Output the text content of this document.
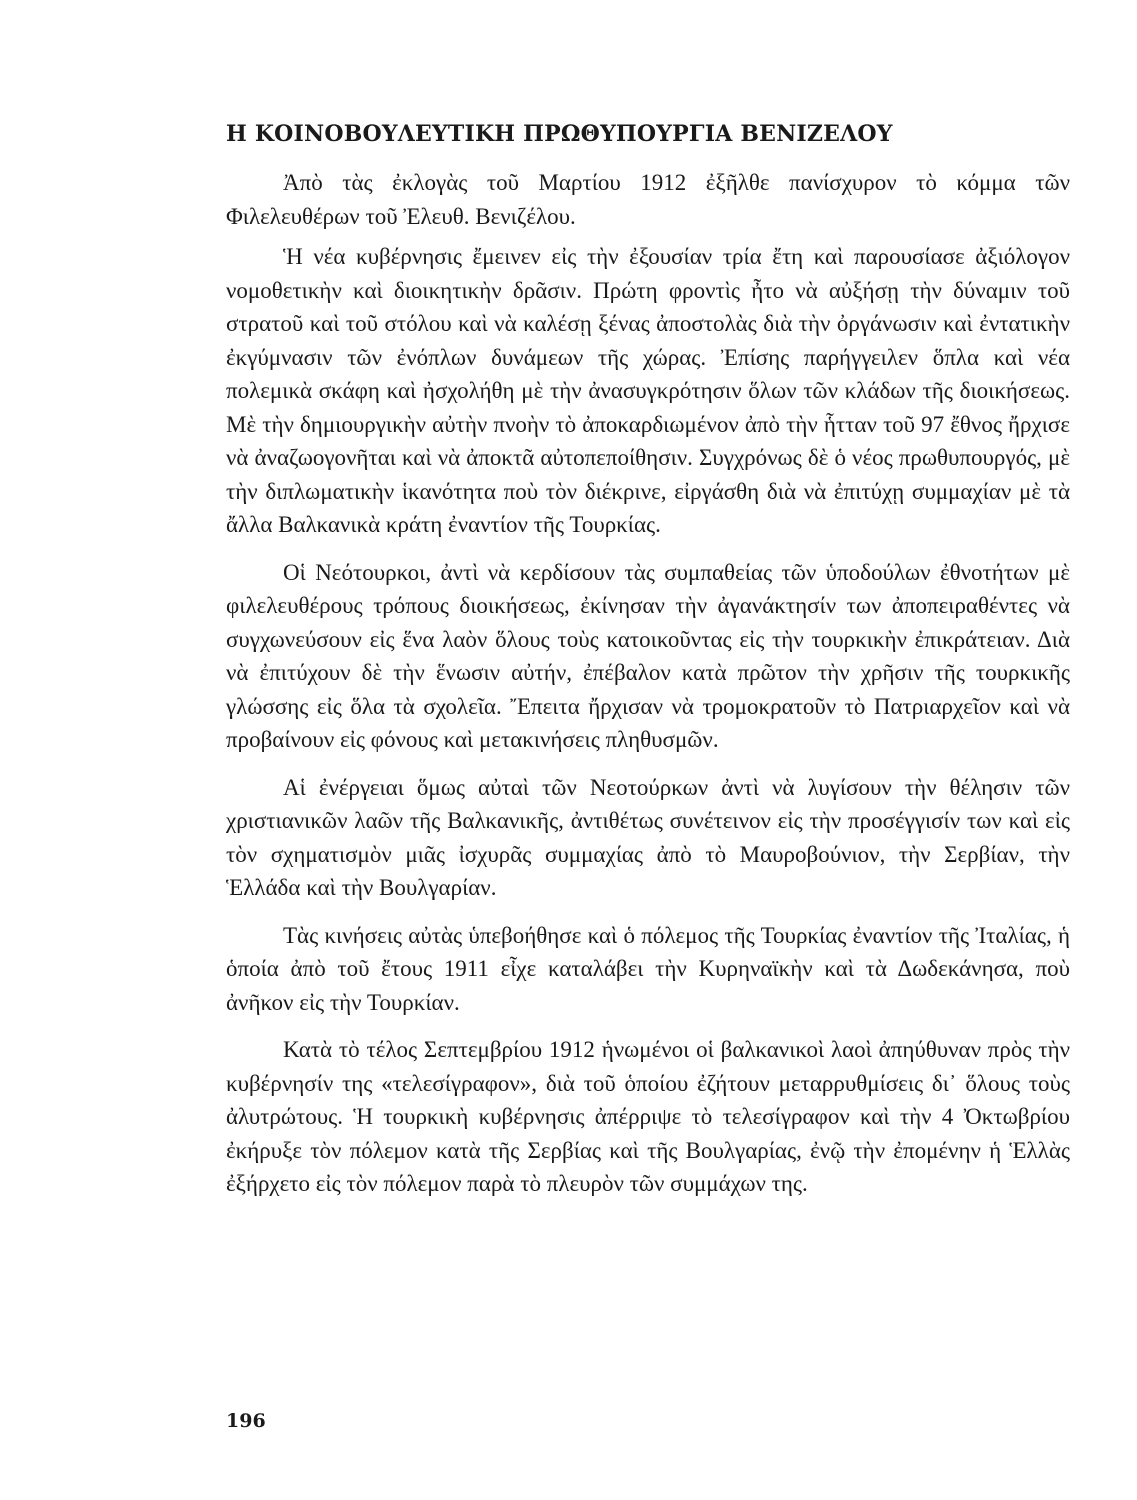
Η ΚΟΙΝΟΒΟΥΛΕΥΤΙΚΗ ΠΡΩΘΥΠΟΥΡΓΙΑ ΒΕΝΙΖΕΛΟΥ

Ἀπὸ τὰς ἐκλογὰς τοῦ Μαρτίου 1912 ἐξῆλθε πανίσχυρον τὸ κόμμα τῶν Φιλελευθέρων τοῦ Ἐλευθ. Βενιζέλου.

Ἡ νέα κυβέρνησις ἔμεινεν εἰς τὴν ἐξουσίαν τρία ἔτη καὶ παρουσίασε ἀξιόλογον νομοθετικὴν καὶ διοικητικὴν δρᾶσιν. Πρώτη φροντὶς ἦτο νὰ αὐξήσῃ τὴν δύναμιν τοῦ στρατοῦ καὶ τοῦ στόλου καὶ νὰ καλέσῃ ξένας ἀποστολὰς διὰ τὴν ὀργάνωσιν καὶ ἐντατικὴν ἐκγύμνασιν τῶν ἐνόπλων δυνάμεων τῆς χώρας. Ἐπίσης παρήγγειλεν ὅπλα καὶ νέα πολεμικὰ σκάφη καὶ ἠσχολήθη μὲ τὴν ἀνασυγκρότησιν ὅλων τῶν κλάδων τῆς διοικήσεως. Μὲ τὴν δημιουργικὴν αὐτὴν πνοὴν τὸ ἀποκαρδιωμένον ἀπὸ τὴν ἧτταν τοῦ 97 ἔθνος ἤρχισε νὰ ἀναζωογονῆται καὶ νὰ ἀποκτᾶ αὐτοπεποίθησιν. Συγχρόνως δὲ ὁ νέος πρωθυπουργός, μὲ τὴν διπλωματικὴν ἱκανότητα ποὺ τὸν διέκρινε, εἰργάσθη διὰ νὰ ἐπιτύχῃ συμμαχίαν μὲ τὰ ἄλλα Βαλκανικὰ κράτη ἐναντίον τῆς Τουρκίας.

Οἱ Νεότουρκοι, ἀντὶ νὰ κερδίσουν τὰς συμπαθείας τῶν ὑποδούλων ἐθνοτήτων μὲ φιλελευθέρους τρόπους διοικήσεως, ἐκίνησαν τὴν ἀγανάκτησίν των ἀποπειραθέντες νὰ συγχωνεύσουν εἰς ἕνα λαὸν ὅλους τοὺς κατοικοῦντας εἰς τὴν τουρκικὴν ἐπικράτειαν. Διὰ νὰ ἐπιτύχουν δὲ τὴν ἕνωσιν αὐτήν, ἐπέβαλον κατὰ πρῶτον τὴν χρῆσιν τῆς τουρκικῆς γλώσσης εἰς ὅλα τὰ σχολεῖα. Ἔπειτα ἤρχισαν νὰ τρομοκρατοῦν τὸ Πατριαρχεῖον καὶ νὰ προβαίνουν εἰς φόνους καὶ μετακινήσεις πληθυσμῶν.

Αἱ ἐνέργειαι ὅμως αὐταὶ τῶν Νεοτούρκων ἀντὶ νὰ λυγίσουν τὴν θέλησιν τῶν χριστιανικῶν λαῶν τῆς Βαλκανικῆς, ἀντιθέτως συνέτεινον εἰς τὴν προσέγγισίν των καὶ εἰς τὸν σχηματισμὸν μιᾶς ἰσχυρᾶς συμμαχίας ἀπὸ τὸ Μαυροβούνιον, τὴν Σερβίαν, τὴν Ἑλλάδα καὶ τὴν Βουλγαρίαν.

Τὰς κινήσεις αὐτὰς ὑπεβοήθησε καὶ ὁ πόλεμος τῆς Τουρκίας ἐναντίον τῆς Ἰταλίας, ἡ ὁποία ἀπὸ τοῦ ἔτους 1911 εἶχε καταλάβει τὴν Κυρηναϊκὴν καὶ τὰ Δωδεκάνησα, ποὺ ἀνῆκον εἰς τὴν Τουρκίαν.

Κατὰ τὸ τέλος Σεπτεμβρίου 1912 ἡνωμένοι οἱ βαλκανικοὶ λαοὶ ἀπηύθυναν πρὸς τὴν κυβέρνησίν της «τελεσίγραφον», διὰ τοῦ ὁποίου ἐζήτουν μεταρρυθμίσεις δι᾽ ὅλους τοὺς ἀλυτρώτους. Ἡ τουρκικὴ κυβέρνησις ἀπέρριψε τὸ τελεσίγραφον καὶ τὴν 4 Ὀκτωβρίου ἐκήρυξε τὸν πόλεμον κατὰ τῆς Σερβίας καὶ τῆς Βουλγαρίας, ἐνῷ τὴν ἐπομένην ἡ Ἑλλὰς ἐξήρχετο εἰς τὸν πόλεμον παρὰ τὸ πλευρὸν τῶν συμμάχων της.

196
